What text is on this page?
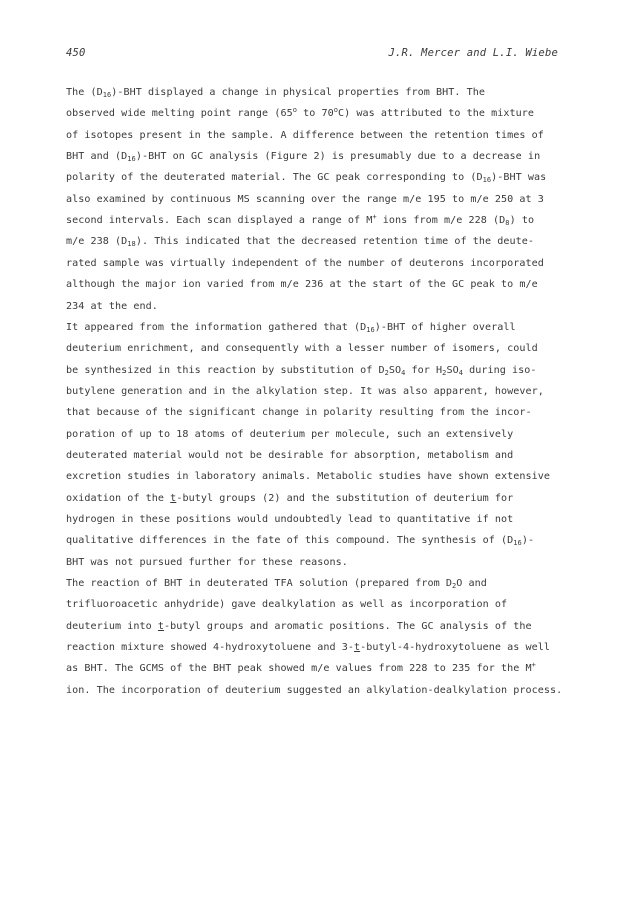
450	J.R. Mercer and L.I. Wiebe
The $(D_{16})$-BHT displayed a change in physical properties from BHT. The
observed wide melting point range (65$^o$ to 70$^o$C) was attributed to the mixture
of isotopes present in the sample. A difference between the retention times of
BHT and $(D_{16})$-BHT on GC analysis (Figure 2) is presumably due to a decrease in
polarity of the deuterated material. The GC peak corresponding to $(D_{16})$-BHT was
also examined by continuous MS scanning over the range m/e 195 to m/e 250 at 3
second intervals. Each scan displayed a range of M+ ions from m/e 228 $(D_8)$ to
m/e 238 $(D_{18})$. This indicated that the decreased retention time of the deute-
rated sample was virtually independent of the number of deuterons incorporated
although the major ion varied from m/e 236 at the start of the GC peak to m/e
234 at the end.
It appeared from the information gathered that $(D_{16})$-BHT of higher overall
deuterium enrichment, and consequently with a lesser number of isomers, could
be synthesized in this reaction by substitution of $D_2SO_4$ for $H_2SO_4$ during iso-
butylene generation and in the alkylation step. It was also apparent, however,
that because of the significant change in polarity resulting from the incor-
poration of up to 18 atoms of deuterium per molecule, such an extensively
deuterated material would not be desirable for absorption, metabolism and
excretion studies in laboratory animals. Metabolic studies have shown extensive
oxidation of the t-butyl groups (2) and the substitution of deuterium for
hydrogen in these positions would undoubtedly lead to quantitative if not
qualitative differences in the fate of this compound. The synthesis of $(D_{16})-$
BHT was not pursued further for these reasons.
The reaction of BHT in deuterated TFA solution (prepared from $D_2O$ and
trifluoroacetic anhydride) gave dealkylation as well as incorporation of
deuterium into t-butyl groups and aromatic positions. The GC analysis of the
reaction mixture showed 4-hydroxytoluene and 3-t-butyl-4-hydroxytoluene as well
as BHT. The GCMS of the BHT peak showed m/e values from 228 to 235 for the M+
ion. The incorporation of deuterium suggested an alkylation-dealkylation process.
